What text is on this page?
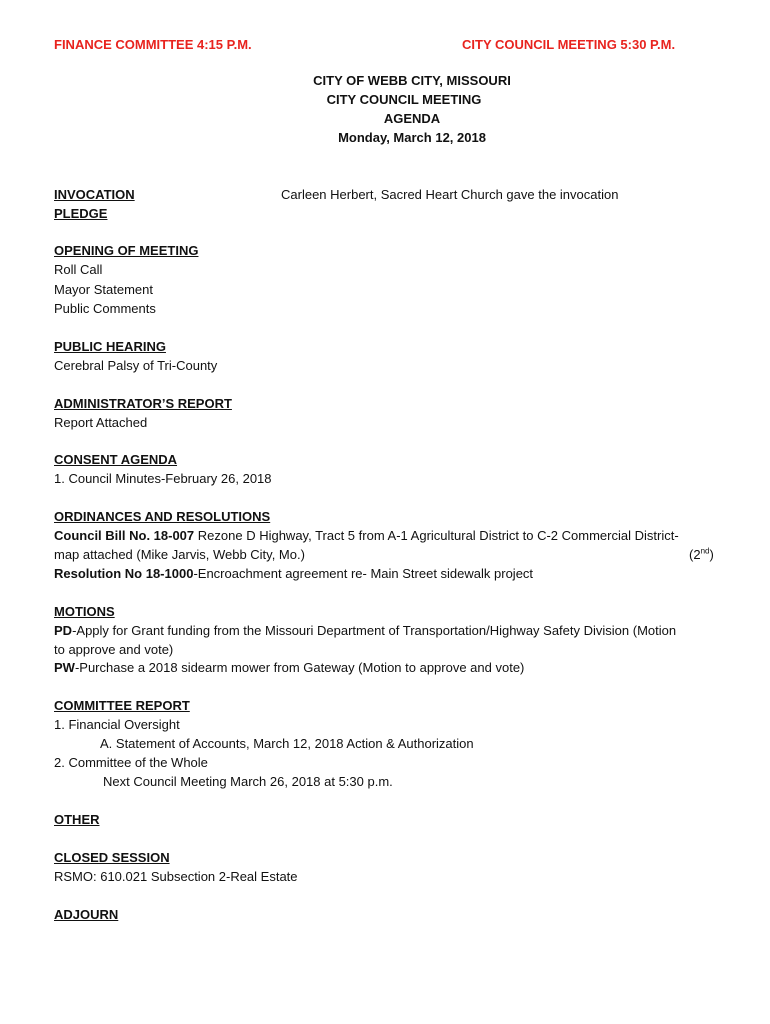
FINANCE COMMITTEE 4:15 P.M.	CITY COUNCIL MEETING 5:30 P.M.
CITY OF WEBB CITY, MISSOURI
CITY COUNCIL MEETING
AGENDA
Monday, March 12, 2018
INVOCATION	Carleen Herbert, Sacred Heart Church gave the invocation
PLEDGE
OPENING OF MEETING
Roll Call
Mayor Statement
Public Comments
PUBLIC HEARING
Cerebral Palsy of Tri-County
ADMINISTRATOR’S REPORT
Report Attached
CONSENT AGENDA
1. Council Minutes-February 26, 2018
ORDINANCES AND RESOLUTIONS
Council Bill No. 18-007 Rezone D Highway, Tract 5 from A-1 Agricultural District to C-2 Commercial District-
map attached (Mike Jarvis, Webb City, Mo.)	(2nd)
Resolution No 18-1000-Encroachment agreement re- Main Street sidewalk project
MOTIONS
PD-Apply for Grant funding from the Missouri Department of Transportation/Highway Safety Division (Motion
to approve and vote)
PW-Purchase a 2018 sidearm mower from Gateway (Motion to approve and vote)
COMMITTEE REPORT
1. Financial Oversight
A. Statement of Accounts, March 12, 2018 Action & Authorization
2. Committee of the Whole
Next Council Meeting March 26, 2018 at 5:30 p.m.
OTHER
CLOSED SESSION
RSMO: 610.021 Subsection 2-Real Estate
ADJOURN
